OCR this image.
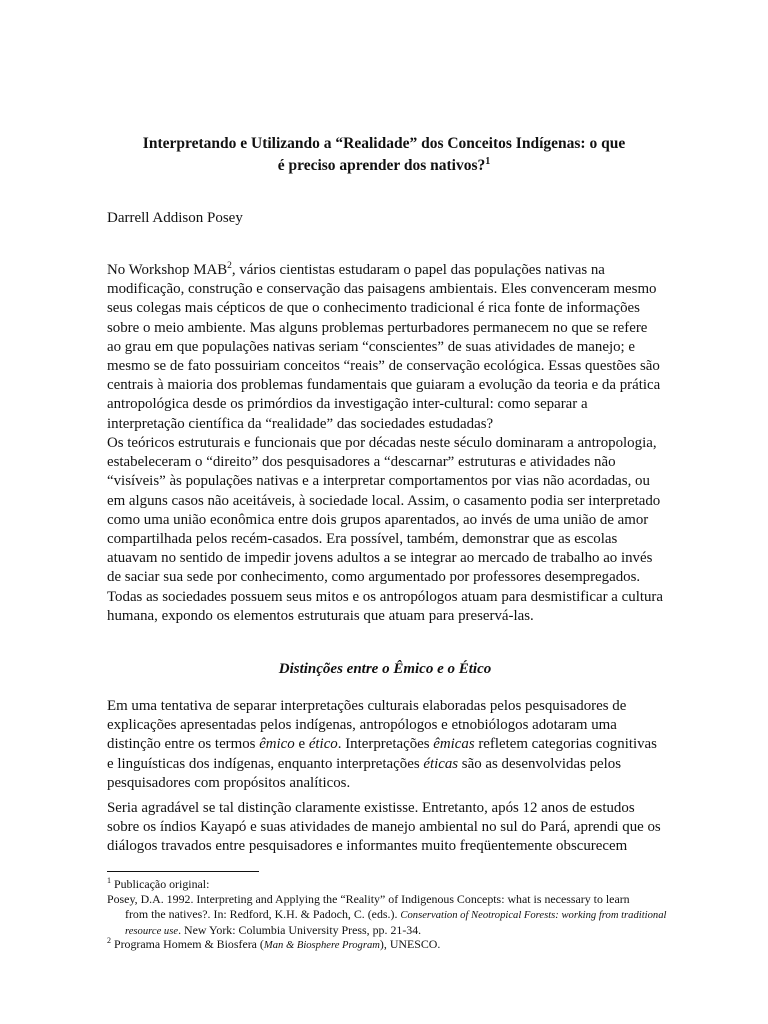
Interpretando e Utilizando a “Realidade” dos Conceitos Indígenas: o que
é preciso aprender dos nativos?$^1$

Darrell Addison Posey

No Workshop MAB$^2$, vários cientistas estudaram o papel das populações nativas na modificação, construção e conservação das paisagens ambientais. Eles convenceram mesmo seus colegas mais cépticos de que o conhecimento tradicional é rica fonte de informações sobre o meio ambiente. Mas alguns problemas perturbadores permanecem no que se refere ao grau em que populações nativas seriam “conscientes” de suas atividades de manejo; e mesmo se de fato possuiriam conceitos “reais” de conservação ecológica. Essas questões são centrais à maioria dos problemas fundamentais que guiaram a evolução da teoria e da prática antropológica desde os primórdios da investigação inter-cultural: como separar a interpretação científica da “realidade” das sociedades estudadas?

Os teóricos estruturais e funcionais que por décadas neste século dominaram a antropologia, estabeleceram o “direito” dos pesquisadores a “descarnar” estruturas e atividades não “visíveis” às populações nativas e a interpretar comportamentos por vias não acordadas, ou em alguns casos não aceitáveis, à sociedade local. Assim, o casamento podia ser interpretado como uma união econômica entre dois grupos aparentados, ao invés de uma união de amor compartilhada pelos recém-casados. Era possível, também, demonstrar que as escolas atuavam no sentido de impedir jovens adultos a se integrar ao mercado de trabalho ao invés de saciar sua sede por conhecimento, como argumentado por professores desempregados. Todas as sociedades possuem seus mitos e os antropólogos atuam para desmistificar a cultura humana, expondo os elementos estruturais que atuam para preservá-las.

Distinções entre o Êmico e o Ético

Em uma tentativa de separar interpretações culturais elaboradas pelos pesquisadores de explicações apresentadas pelos indígenas, antropólogos e etnobiólogos adotaram uma distinção entre os termos êmico e ético. Interpretações êmicas refletem categorias cognitivas e linguísticas dos indígenas, enquanto interpretações éticas são as desenvolvidas pelos pesquisadores com propósitos analíticos.

Seria agradável se tal distinção claramente existisse. Entretanto, após 12 anos de estudos sobre os índios Kayapó e suas atividades de manejo ambiental no sul do Pará, aprendi que os diálogos travados entre pesquisadores e informantes muito freqüentemente obscurecem

$^1$ Publicação original:
Posey, D.A. 1992. Interpreting and Applying the “Reality” of Indigenous Concepts: what is necessary to learn
from the natives?. In: Redford, K.H. & Padoch, C. (eds.). Conservation of Neotropical Forests: working from traditional resource use. New York: Columbia University Press, pp. 21-34.

$^2$ Programa Homem & Biosfera (Man & Biosphere Program), UNESCO.
